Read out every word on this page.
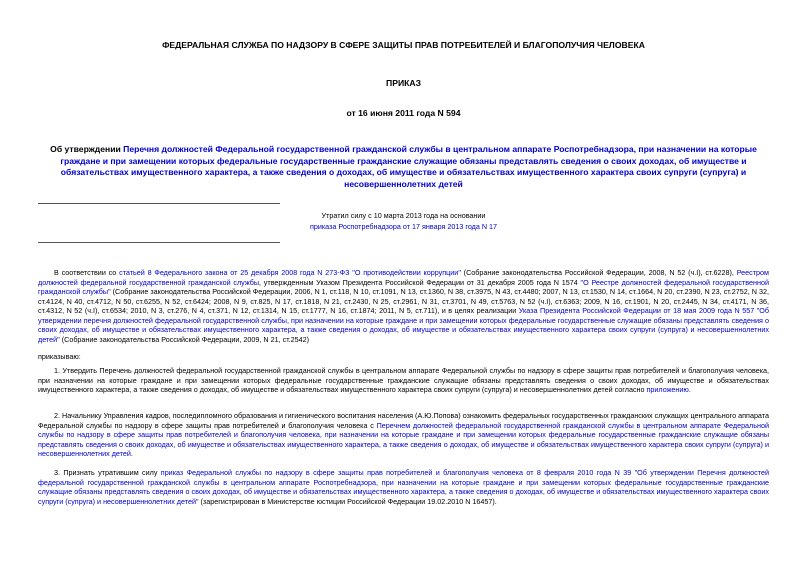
ФЕДЕРАЛЬНАЯ СЛУЖБА ПО НАДЗОРУ В СФЕРЕ ЗАЩИТЫ ПРАВ ПОТРЕБИТЕЛЕЙ И БЛАГОПОЛУЧИЯ ЧЕЛОВЕКА
ПРИКАЗ
от 16 июня 2011 года N 594
Об утверждении Перечня должностей Федеральной государственной гражданской службы в центральном аппарате Роспотребнадзора, при назначении на которые граждане и при замещении которых федеральные государственные гражданские служащие обязаны представлять сведения о своих доходах, об имуществе и обязательствах имущественного характера, а также сведения о доходах, об имуществе и обязательствах имущественного характера своих супруги (супруга) и несовершеннолетних детей
Утратил силу с 10 марта 2013 года на основании
приказа Роспотребнадзора от 17 января 2013 года N 17
В соответствии со статьей 8 Федерального закона от 25 декабря 2008 года N 273-ФЗ "О противодействии коррупции" (Собрание законодательства Российской Федерации, 2008, N 52 (ч.I), ст.6228), Реестром должностей федеральной государственной гражданской службы, утвержденным Указом Президента Российской Федерации от 31 декабря 2005 года N 1574 "О Реестре должностей федеральной государственной гражданской службы" (Собрание законодательства Российской Федерации, 2006, N 1, ст.118, N 10, ст.1091, N 13, ст.1360, N 38, ст.3975, N 43, ст.4480; 2007, N 13, ст.1530, N 14, ст.1664, N 20, ст.2390, N 23, ст.2752, N 32, ст.4124, N 40, ст.4712, N 50, ст.6255, N 52, ст.6424; 2008, N 9, ст.825, N 17, ст.1818, N 21, ст.2430, N 25, ст.2961, N 31, ст.3701, N 49, ст.5763, N 52 (ч.I), ст.6363; 2009, N 16, ст.1901, N 20, ст.2445, N 34, ст.4171, N 36, ст.4312, N 52 (ч.I), ст.6534; 2010, N 3, ст.276, N 4, ст.371, N 12, ст.1314, N 15, ст.1777, N 16, ст.1874; 2011, N 5, ст.711), и в целях реализации Указа Президента Российской Федерации от 18 мая 2009 года N 557 "Об утверждении перечня должностей федеральной государственной службы, при назначении на которые граждане и при замещении которых федеральные государственные служащие обязаны представлять сведения о своих доходах, об имуществе и обязательствах имущественного характера, а также сведения о доходах, об имуществе и обязательствах имущественного характера своих супруги (супруга) и несовершеннолетних детей" (Собрание законодательства Российской Федерации, 2009, N 21, ст.2542)
приказываю:
1. Утвердить Перечень должностей федеральной государственной гражданской службы в центральном аппарате Федеральной службы по надзору в сфере защиты прав потребителей и благополучия человека, при назначении на которые граждане и при замещении которых федеральные государственные гражданские служащие обязаны представлять сведения о своих доходах, об имуществе и обязательствах имущественного характера, а также сведения о доходах, об имуществе и обязательствах имущественного характера своих супруги (супруга) и несовершеннолетних детей согласно приложению.
2. Начальнику Управления кадров, последипломного образования и гигиенического воспитания населения (А.Ю.Попова) ознакомить федеральных государственных гражданских служащих центрального аппарата Федеральной службы по надзору в сфере защиты прав потребителей и благополучия человека с Перечнем должностей федеральной государственной гражданской службы в центральном аппарате Федеральной службы по надзору в сфере защиты прав потребителей и благополучия человека, при назначении на которые граждане и при замещении которых федеральные государственные гражданские служащие обязаны представлять сведения о своих доходах, об имуществе и обязательствах имущественного характера, а также сведения о доходах, об имуществе и обязательствах имущественного характера своих супруги (супруга) и несовершеннолетних детей.
3. Признать утратившим силу приказ Федеральной службы по надзору в сфере защиты прав потребителей и благополучия человека от 8 февраля 2010 года N 39 "Об утверждении Перечня должностей федеральной государственной гражданской службы в центральном аппарате Роспотребнадзора, при назначении на которые граждане и при замещении которых федеральные государственные гражданские служащие обязаны представлять сведения о своих доходах, об имуществе и обязательствах имущественного характера, а также сведения о доходах, об имуществе и обязательствах имущественного характера своих супруги (супруга) и несовершеннолетних детей" (зарегистрирован в Министерстве юстиции Российской Федерации 19.02.2010 N 16457).
